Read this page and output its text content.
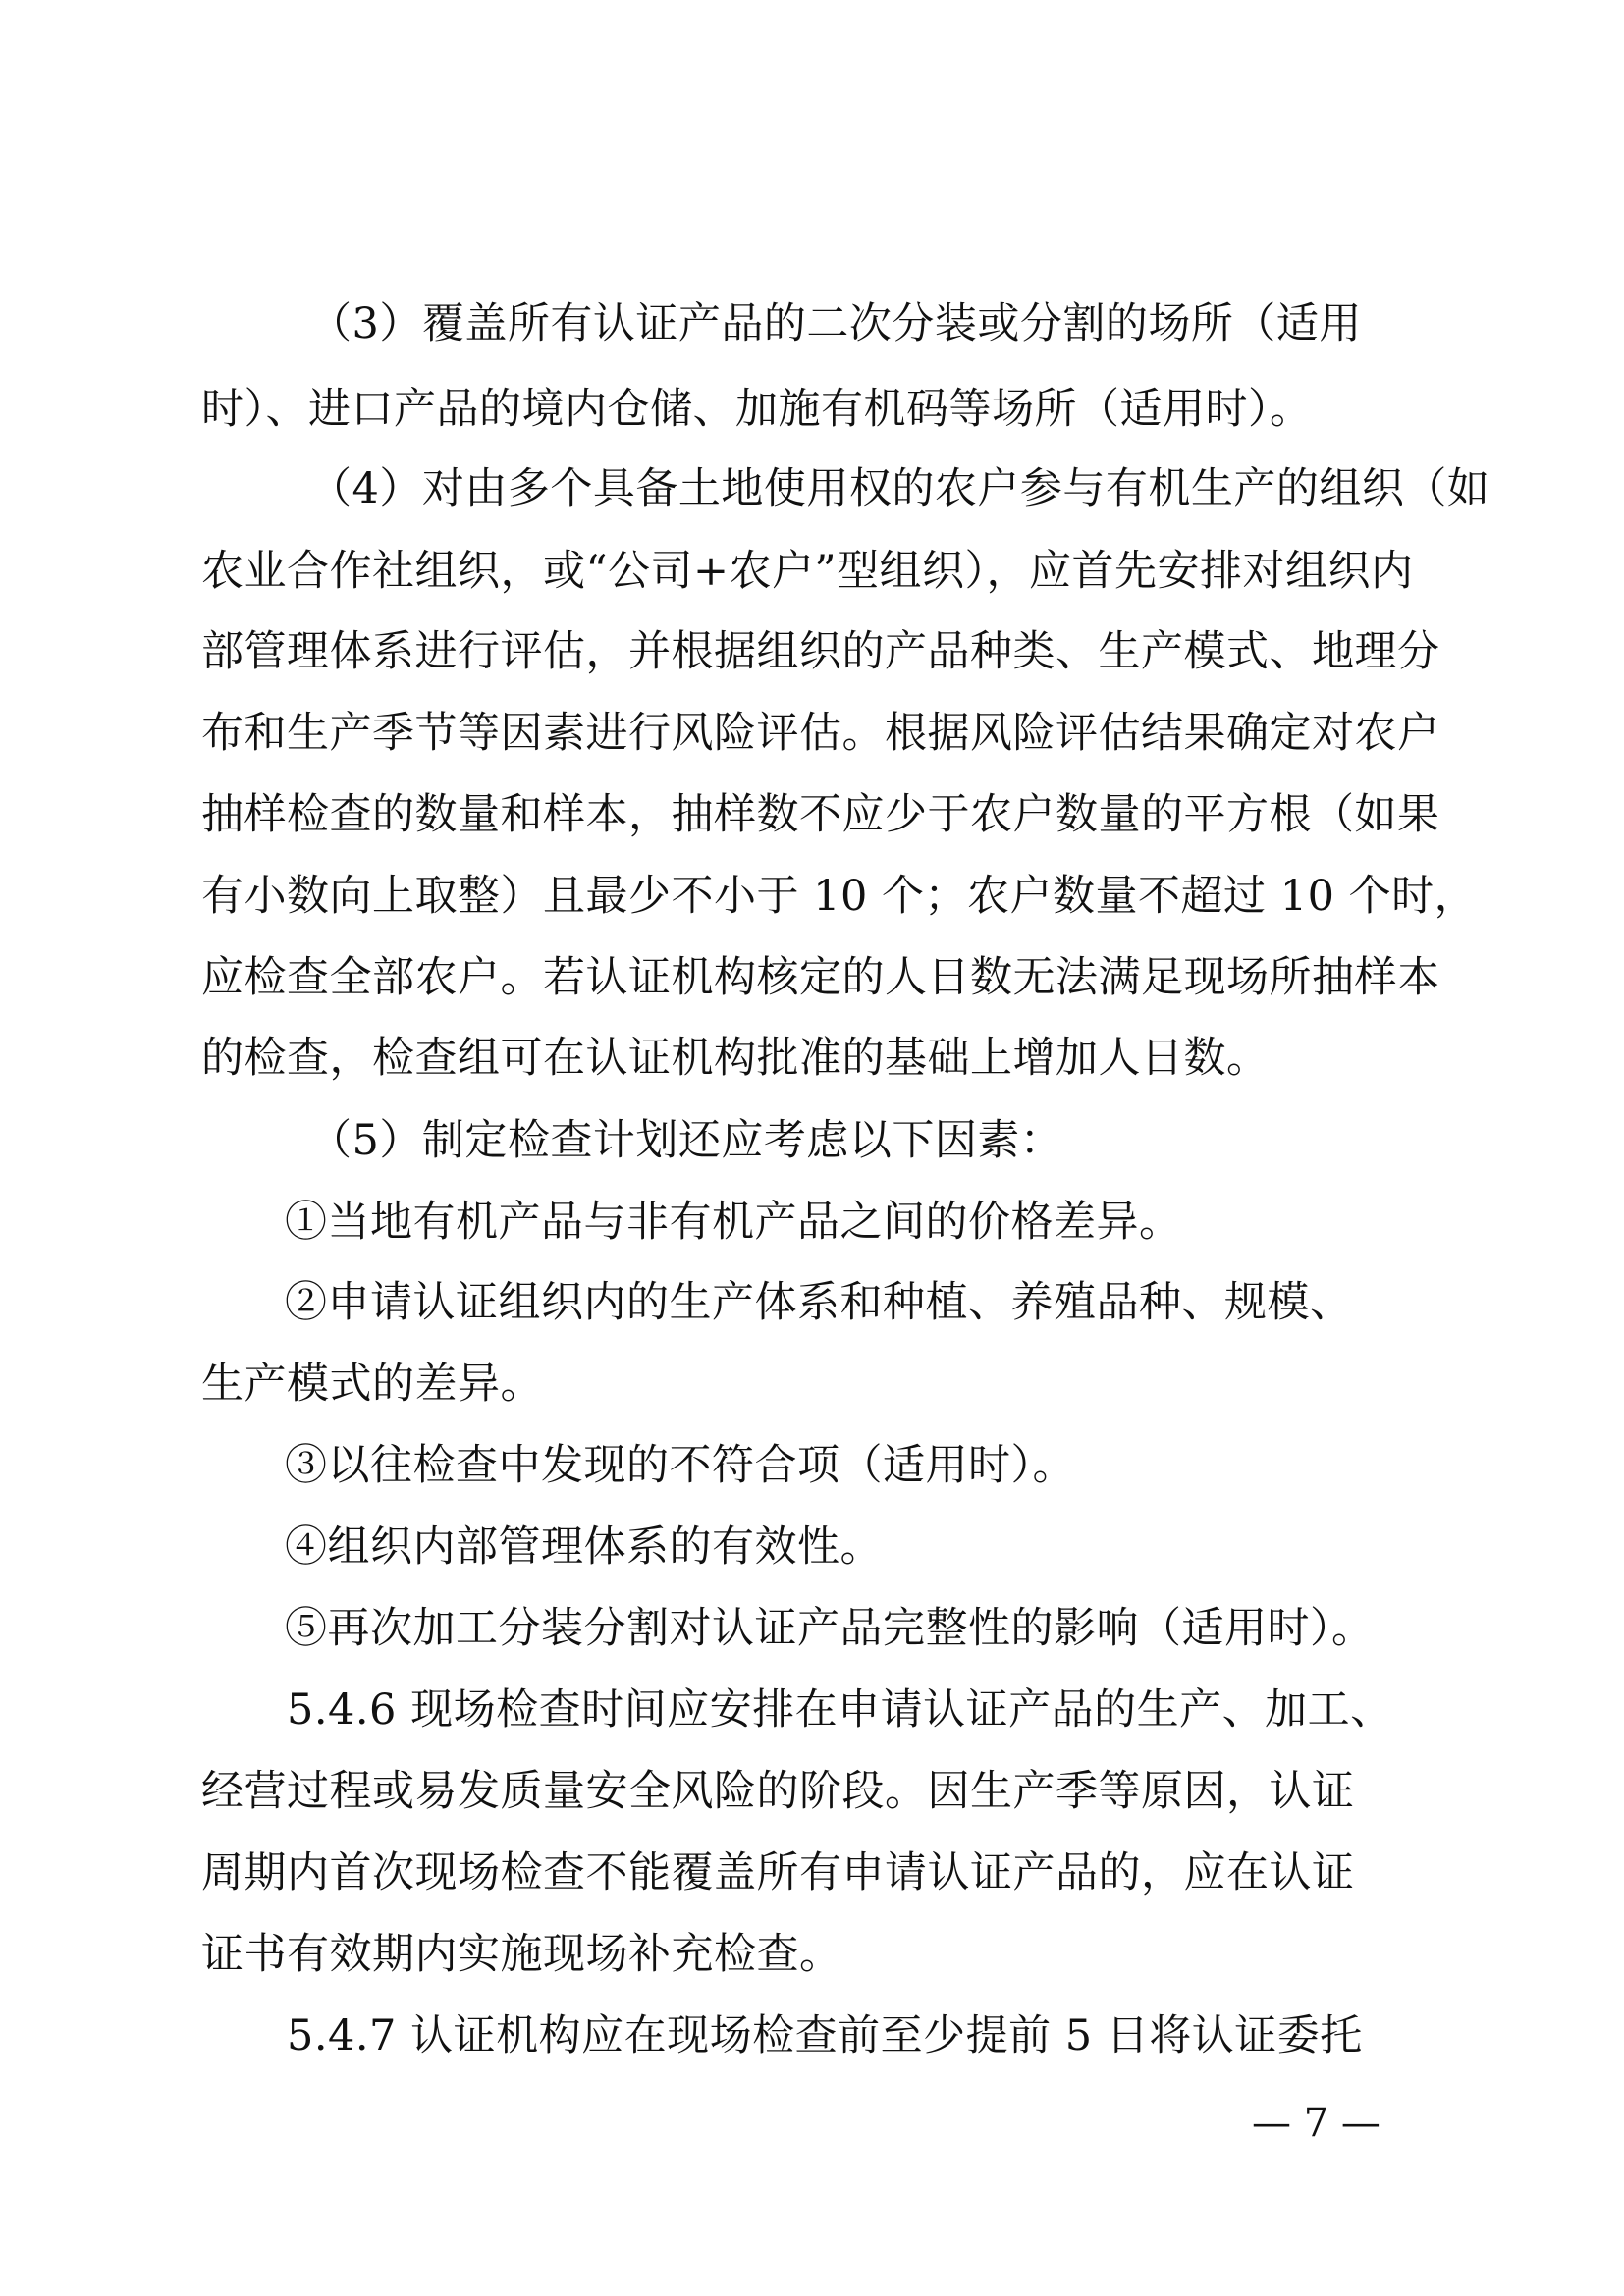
（3）覆盖所有认证产品的二次分装或分割的场所（适用
时）、进口产品的境内仓储、加施有机码等场所（适用时）。
（4）对由多个具备土地使用权的农户参与有机生产的组织（如
农业合作社组织，或“公司+农户”型组织），应首先安排对组织内
部管理体系进行评估，并根据组织的产品种类、生产模式、地理分
布和生产季节等因素进行风险评估。根据风险评估结果确定对农户
抽样检查的数量和样本，抽样数不应少于农户数量的平方根（如果
有小数向上取整）且最少不小于 10 个；农户数量不超过 10 个时，
应检查全部农户。若认证机构核定的人日数无法满足现场所抽样本
的检查，检查组可在认证机构批准的基础上增加人日数。
（5）制定检查计划还应考虑以下因素：
①当地有机产品与非有机产品之间的价格差异。
②申请认证组织内的生产体系和种植、养殖品种、规模、
生产模式的差异。
③以往检查中发现的不符合项（适用时）。
④组织内部管理体系的有效性。
⑤再次加工分装分割对认证产品完整性的影响（适用时）。
5.4.6 现场检查时间应安排在申请认证产品的生产、加工、
经营过程或易发质量安全风险的阶段。因生产季等原因，认证
周期内首次现场检查不能覆盖所有申请认证产品的，应在认证
证书有效期内实施现场补充检查。
5.4.7 认证机构应在现场检查前至少提前 5 日将认证委托
— 7 —
